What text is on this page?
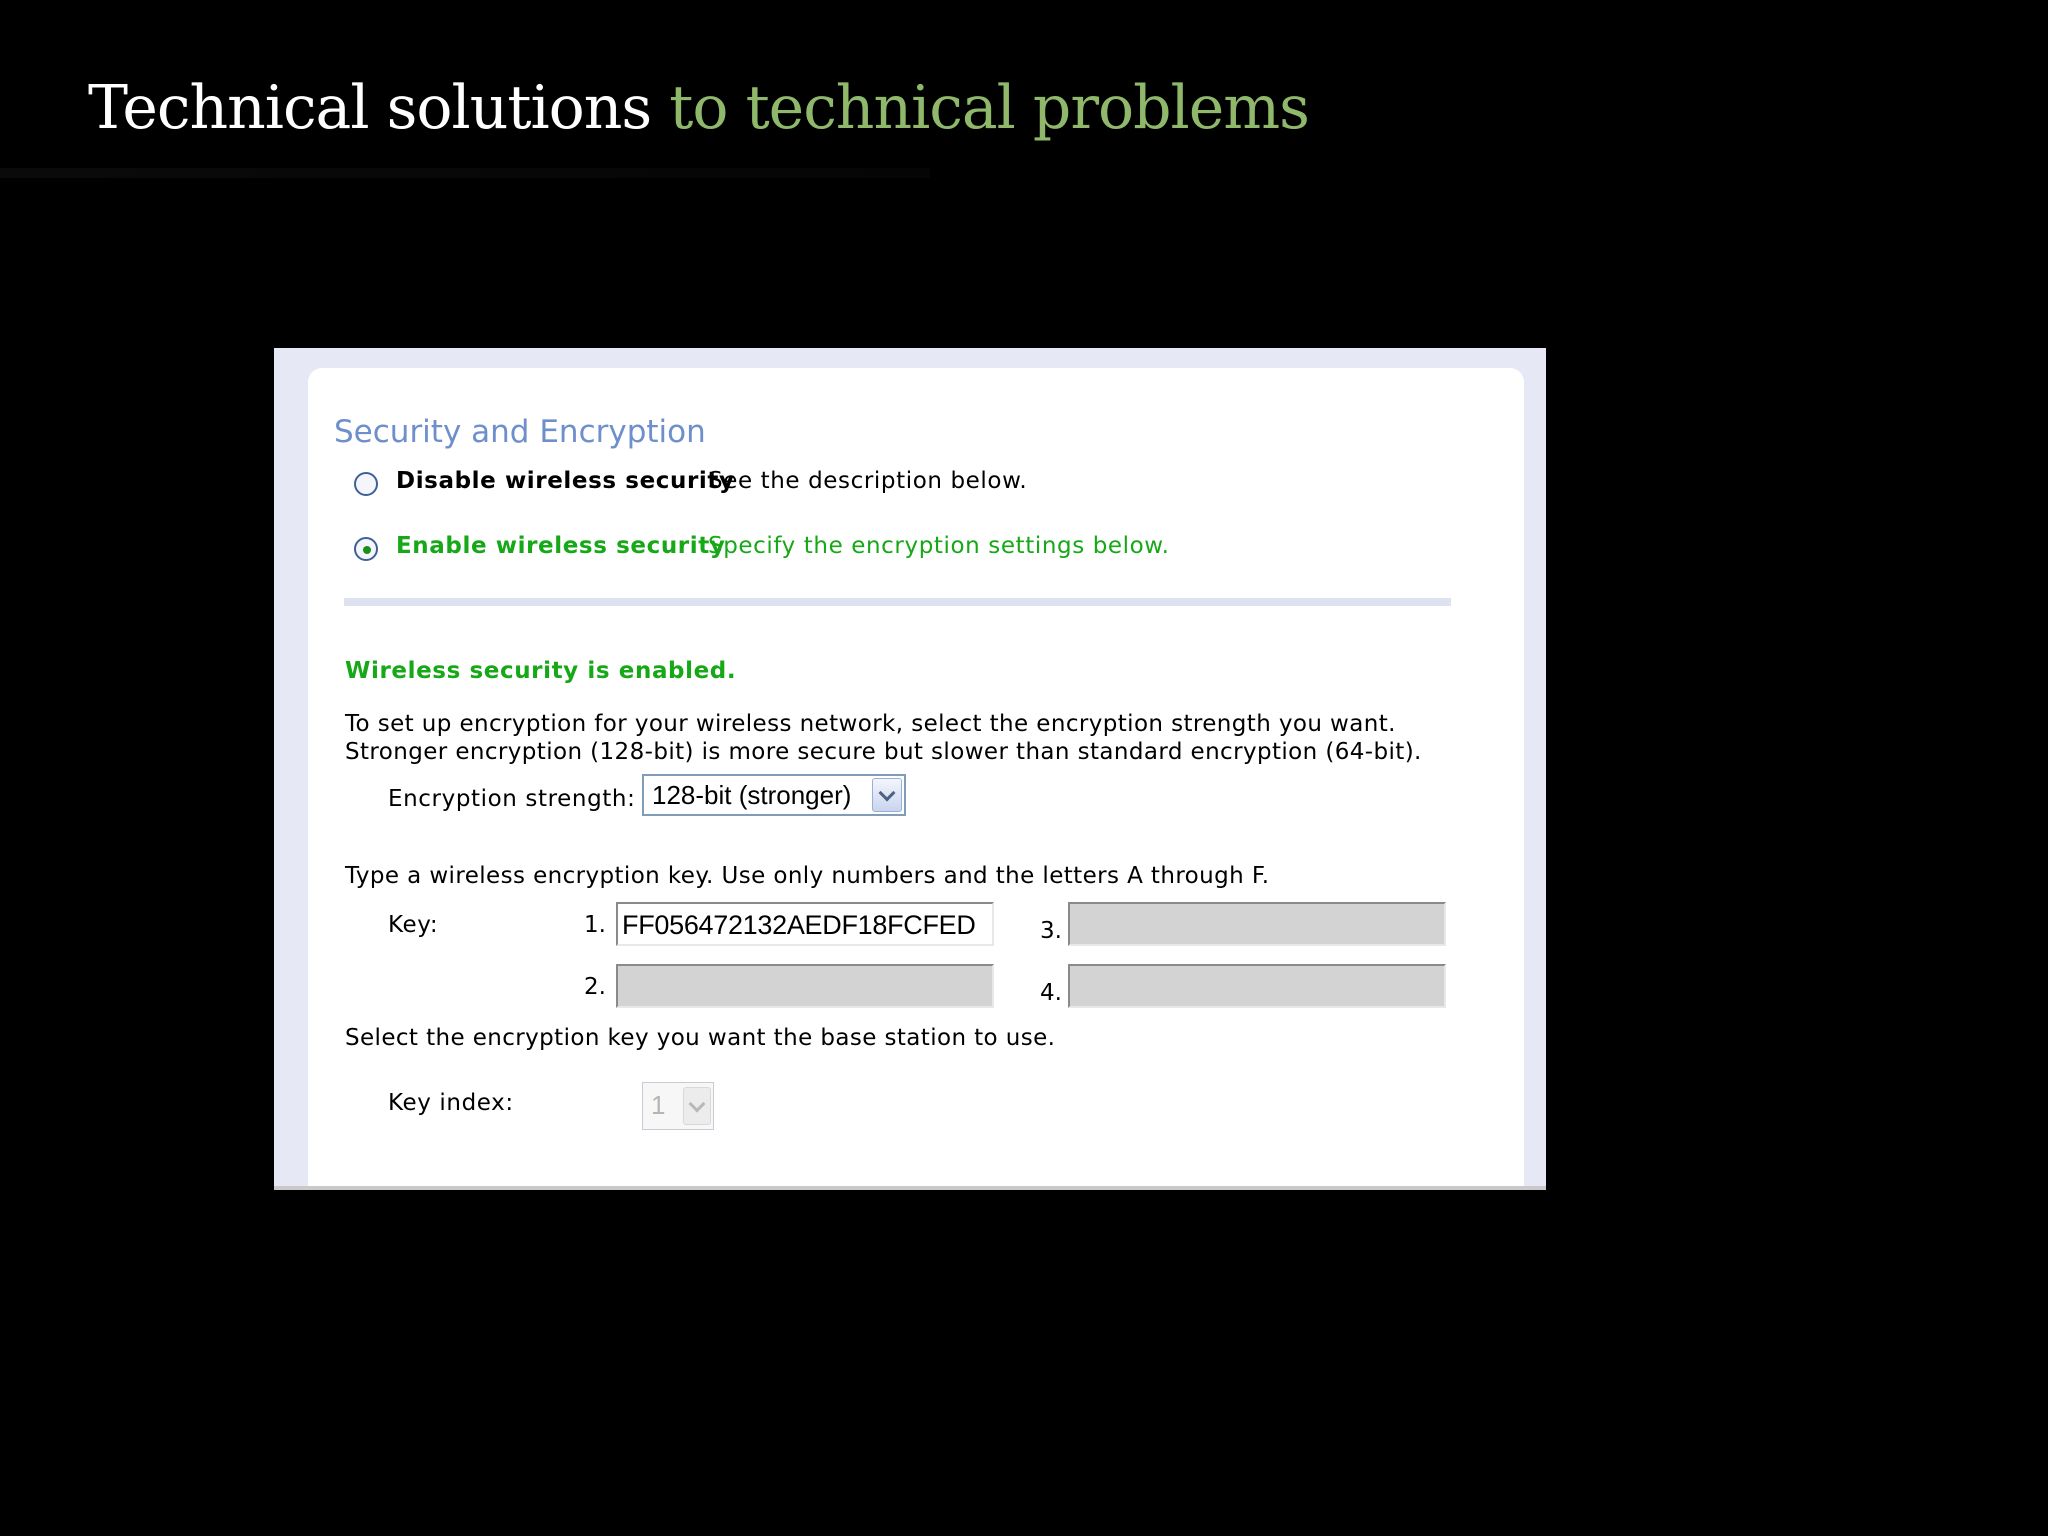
Technical solutions to technical problems
Security and Encryption
Disable wireless security
See the description below.
Enable wireless security
Specify the encryption settings below.
Wireless security is enabled.
To set up encryption for your wireless network, select the encryption strength you want.
Stronger encryption (128-bit) is more secure but slower than standard encryption (64-bit).
Encryption strength: 128-bit (stronger)
Type a wireless encryption key. Use only numbers and the letters A through F.
Key:	1. FF056472132AEDF18FCFED
2.
3.
4.
Select the encryption key you want the base station to use.
Key index:	1
